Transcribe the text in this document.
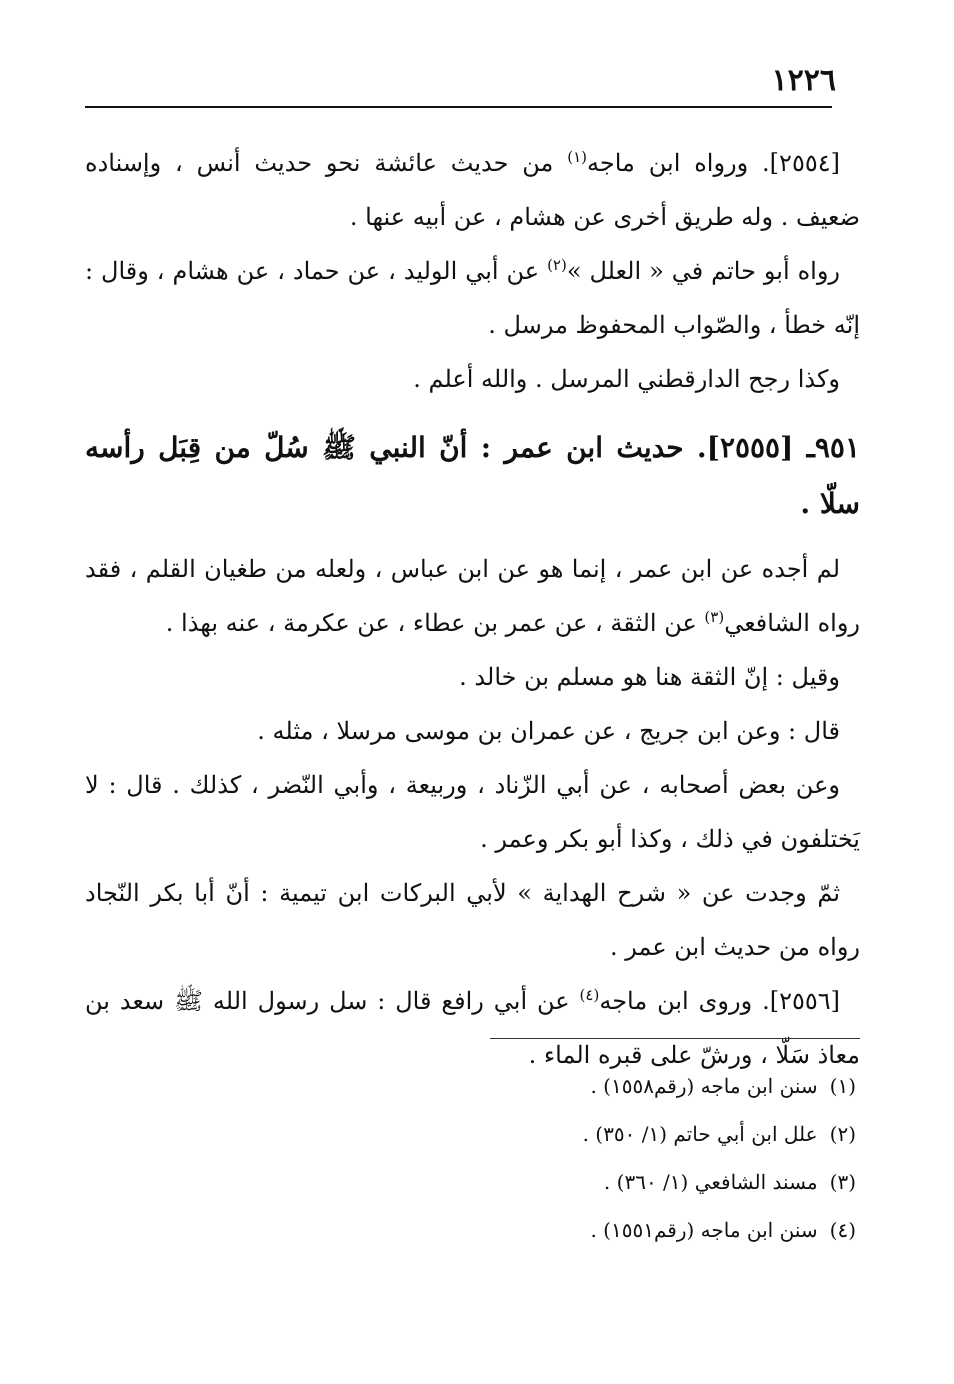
١٢٢٦

[٢٥٥٤]. ورواه ابن ماجه$^{(١)}$ من حديث عائشة نحو حديث أنس ، وإسناده ضعيف . وله طريق أخرى عن هشام ، عن أبيه عنها .

رواه أبو حاتم في « العلل »$^{(٢)}$ عن أبي الوليد ، عن حماد ، عن هشام ، وقال : إنّه خطأ ، والصّواب المحفوظ مرسل .

وكذا رجح الدارقطني المرسل . والله أعلم .

٩٥١ـ [٢٥٥٥]. حديث ابن عمر : أنّ النبي ﷺ سُلّ من قِبَل رأسه سلّا .

لم أجده عن ابن عمر ، إنما هو عن ابن عباس ، ولعله من طغيان القلم ، فقد رواه الشافعي$^{(٣)}$ عن الثقة ، عن عمر بن عطاء ، عن عكرمة ، عنه بهذا .

وقيل : إنّ الثقة هنا هو مسلم بن خالد .

قال : وعن ابن جريج ، عن عمران بن موسى مرسلا ، مثله .

وعن بعض أصحابه ، عن أبي الزّناد ، وربيعة ، وأبي النّضر ، كذلك . قال : لا يَختلفون في ذلك ، وكذا أبو بكر وعمر .

ثمّ وجدت عن « شرح الهداية » لأبي البركات ابن تيمية : أنّ أبا بكر النّجاد رواه من حديث ابن عمر .

[٢٥٥٦]. وروى ابن ماجه$^{(٤)}$ عن أبي رافع قال : سل رسول الله ﷺ سعد بن معاذ سَلّا ، ورشّ على قبره الماء .

(١)سنن ابن ماجه (رقم١٥٥٨) .

(٢)علل ابن أبي حاتم (١/ ٣٥٠) .

(٣)مسند الشافعي (١/ ٣٦٠) .

(٤)سنن ابن ماجه (رقم١٥٥١) .
